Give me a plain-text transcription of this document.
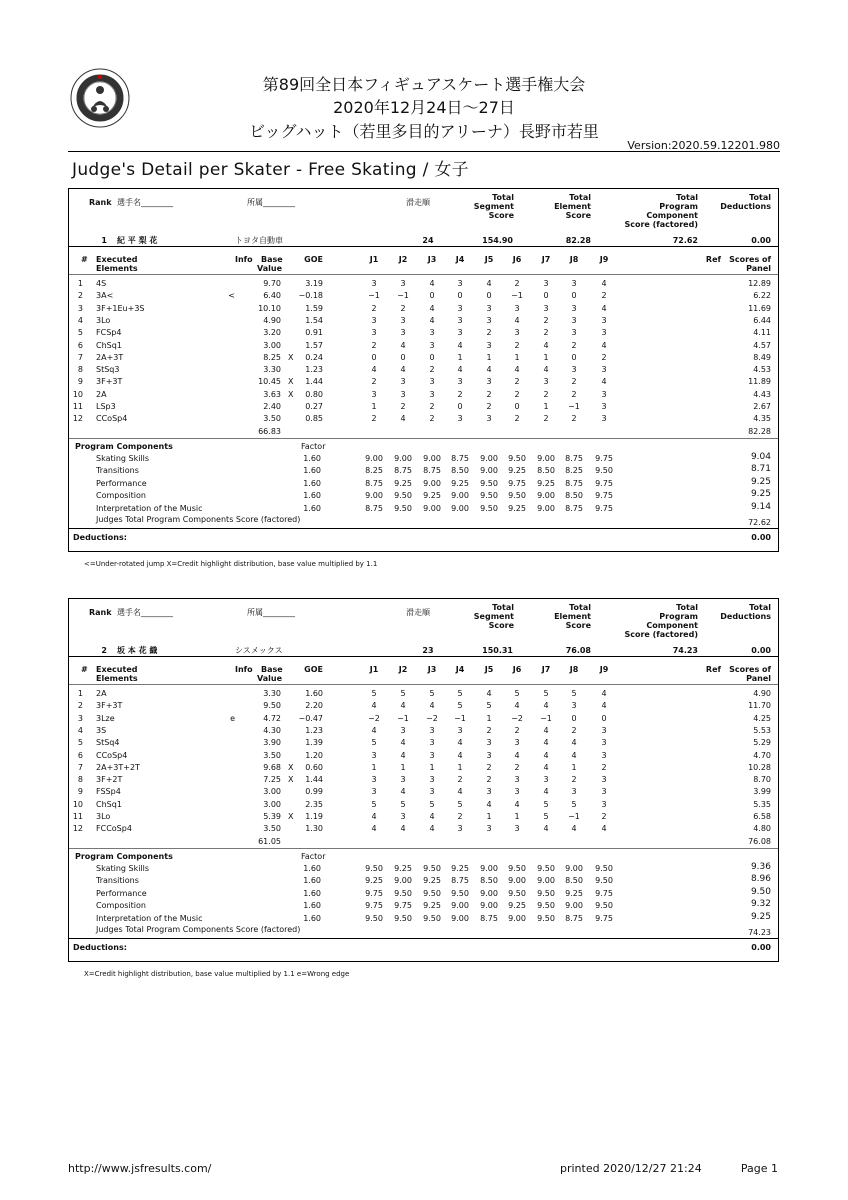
第89回全日本フィギュアスケート選手権大会
2020年12月24日～27日
ビッグハット（若里多目的アリーナ）長野市若里
Version:2020.59.12201.980
Judge's Detail per Skater - Free Skating / 女子
Rank 選手名________	所属________	滑走順
Total
Segment
Score
Total
Element
Score
Total
Program
Component
Score (factored)
Total
Deductions
1 紀 平 梨 花	トヨタ自動車	24	154.90	82.28	72.62	0.00
# Executed
Elements
Info Base
Value
GOE	J1	J2	J3	J4	J5	J6	J7	J8	J9	Ref	Scores of
Panel
1 4S	9.70	3.19	3	3	4	3	4	2	3	3	4	12.89
2 3A<	<	6.40	−0.18	−1	−1	0	0	0	−1	0	0	2	6.22
3 3F+1Eu+3S	10.10	1.59	2	2	4	3	3	3	3	3	4	11.69
4 3Lo	4.90	1.54	3	3	4	3	3	4	2	3	3	6.44
5 FCSp4	3.20	0.91	3	3	3	3	2	3	2	3	3	4.11
6 ChSq1	3.00	1.57	2	4	3	4	3	2	4	2	4	4.57
7 2A+3T	8.25 X	0.24	0	0	0	1	1	1	1	0	2	8.49
8 StSq3	3.30	1.23	4	4	2	4	4	4	4	3	3	4.53
9 3F+3T	10.45 X	1.44	2	3	3	3	3	2	3	2	4	11.89
10 2A	3.63 X	0.80	3	3	3	2	2	2	2	2	3	4.43
11 LSp3	2.40	0.27	1	2	2	0	2	0	1	−1	3	2.67
12 CCoSp4	3.50	0.85	2	4	2	3	3	2	2	2	3	4.35
66.83	82.28
Program Components	Factor
Skating Skills	1.60	9.00	9.00	9.00	8.75	9.00	9.50	9.00	8.75	9.75	9.04
Transitions	1.60	8.25	8.75	8.75	8.50	9.00	9.25	8.50	8.25	9.50	8.71
Performance	1.60	8.75	9.25	9.00	9.25	9.50	9.75	9.25	8.75	9.75	9.25
Composition	1.60	9.00	9.50	9.25	9.00	9.50	9.50	9.00	8.50	9.75	9.25
Interpretation of the Music	1.60	8.75	9.50	9.00	9.00	9.50	9.25	9.00	8.75	9.75	9.14
Judges Total Program Components Score (factored)	72.62
Deductions:	0.00
<=Under-rotated jump X=Credit highlight distribution, base value multiplied by 1.1
Rank 選手名________	所属________	滑走順
Total
Segment
Score
Total
Element
Score
Total
Program
Component
Score (factored)
Total
Deductions
2 坂 本 花 織	シスメックス	23	150.31	76.08	74.23	0.00
# Executed
Elements
Info Base
Value
GOE	J1	J2	J3	J4	J5	J6	J7	J8	J9	Ref	Scores of
Panel
1 2A	3.30	1.60	5	5	5	5	4	5	5	5	4	4.90
2 3F+3T	9.50	2.20	4	4	4	5	5	4	4	3	4	11.70
3 3Lze	e	4.72	−0.47	−2	−1	−2	−1	1	−2	−1	0	0	4.25
4 3S	4.30	1.23	4	3	3	3	2	2	4	2	3	5.53
5 StSq4	3.90	1.39	5	4	3	4	3	3	4	4	3	5.29
6 CCoSp4	3.50	1.20	3	4	3	4	3	4	4	4	3	4.70
7 2A+3T+2T	9.68 X	0.60	1	1	1	1	2	2	4	1	2	10.28
8 3F+2T	7.25 X	1.44	3	3	3	2	2	3	3	2	3	8.70
9 FSSp4	3.00	0.99	3	4	3	4	3	3	4	3	3	3.99
10 ChSq1	3.00	2.35	5	5	5	5	4	4	5	5	3	5.35
11 3Lo	5.39 X	1.19	4	3	4	2	1	1	5	−1	2	6.58
12 FCCoSp4	3.50	1.30	4	4	4	3	3	3	4	4	4	4.80
61.05	76.08
Program Components	Factor
Skating Skills	1.60	9.50	9.25	9.50	9.25	9.00	9.50	9.50	9.00	9.50	9.36
Transitions	1.60	9.25	9.00	9.25	8.75	8.50	9.00	9.00	8.50	9.50	8.96
Performance	1.60	9.75	9.50	9.50	9.50	9.00	9.50	9.50	9.25	9.75	9.50
Composition	1.60	9.75	9.75	9.25	9.00	9.00	9.25	9.50	9.00	9.50	9.32
Interpretation of the Music	1.60	9.50	9.50	9.50	9.00	8.75	9.00	9.50	8.75	9.75	9.25
Judges Total Program Components Score (factored)	74.23
Deductions:	0.00
X=Credit highlight distribution, base value multiplied by 1.1 e=Wrong edge
http://www.jsfresults.com/	printed 2020/12/27 21:24	Page 1
